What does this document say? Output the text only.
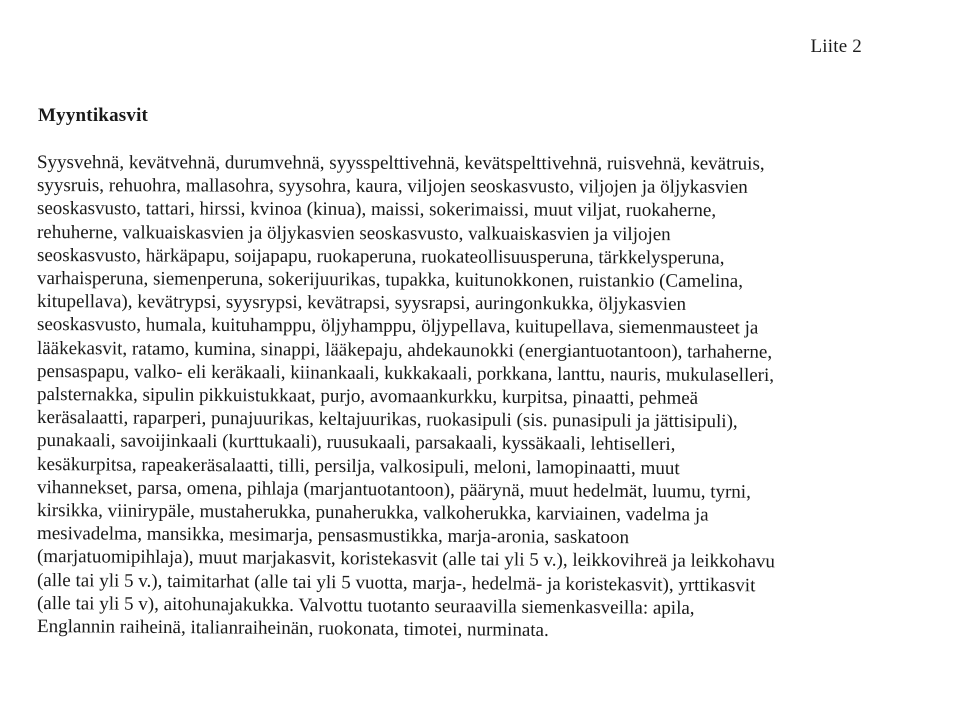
Liite 2
Myyntikasvit

Syysvehnä, kevätvehnä, durumvehnä, syysspelttivehnä, kevätspelttivehnä, ruisvehnä, kevätruis,
syysruis, rehuohra, mallasohra, syysohra, kaura, viljojen seoskasvusto, viljojen ja öljykasvien
seoskasvusto, tattari, hirssi, kvinoa (kinua), maissi, sokerimaissi, muut viljat, ruokaherne,
rehuherne, valkuaiskasvien ja öljykasvien seoskasvusto, valkuaiskasvien ja viljojen
seoskasvusto, härkäpapu, soijapapu, ruokaperuna, ruokateollisuusperuna, tärkkelysperuna,
varhaisperuna, siemenperuna, sokerijuurikas, tupakka, kuitunokkonen, ruistankio (Camelina,
kitupellava), kevätrypsi, syysrypsi, kevätrapsi, syysrapsi, auringonkukka, öljykasvien
seoskasvusto, humala, kuituhamppu, öljyhamppu, öljypellava, kuitupellava, siemenmausteet ja
lääkekasvit, ratamo, kumina, sinappi, lääkepaju, ahdekaunokki (energiantuotantoon), tarhaherne,
pensaspapu, valko- eli keräkaali, kiinankaali, kukkakaali, porkkana, lanttu, nauris, mukulaselleri,
palsternakka, sipulin pikkuistukkaat, purjo, avomaankurkku, kurpitsa, pinaatti, pehmeä
keräsalaatti, raparperi, punajuurikas, keltajuurikas, ruokasipuli (sis. punasipuli ja jättisipuli),
punakaali, savoijinkaali (kurttukaali), ruusukaali, parsakaali, kyssäkaali, lehtiselleri,
kesäkurpitsa, rapeakeräsalaatti, tilli, persilja, valkosipuli, meloni, lamopinaatti, muut
vihannekset, parsa, omena, pihlaja (marjantuotantoon), päärynä, muut hedelmät, luumu, tyrni,
kirsikka, viinirypäle, mustaherukka, punaherukka, valkoherukka, karviainen, vadelma ja
mesivadelma, mansikka, mesimarja, pensasmustikka, marja-aronia, saskatoon
(marjatuomipihlaja), muut marjakasvit, koristekasvit (alle tai yli 5 v.), leikkovihreä ja leikkohavu
(alle tai yli 5 v.), taimitarhat (alle tai yli 5 vuotta, marja-, hedelmä- ja koristekasvit), yrttikasvit
(alle tai yli 5 v), aitohunajakukka. Valvottu tuotanto seuraavilla siemenkasveilla: apila,
Englannin raiheinä, italianraiheinän, ruokonata, timotei, nurminata.
